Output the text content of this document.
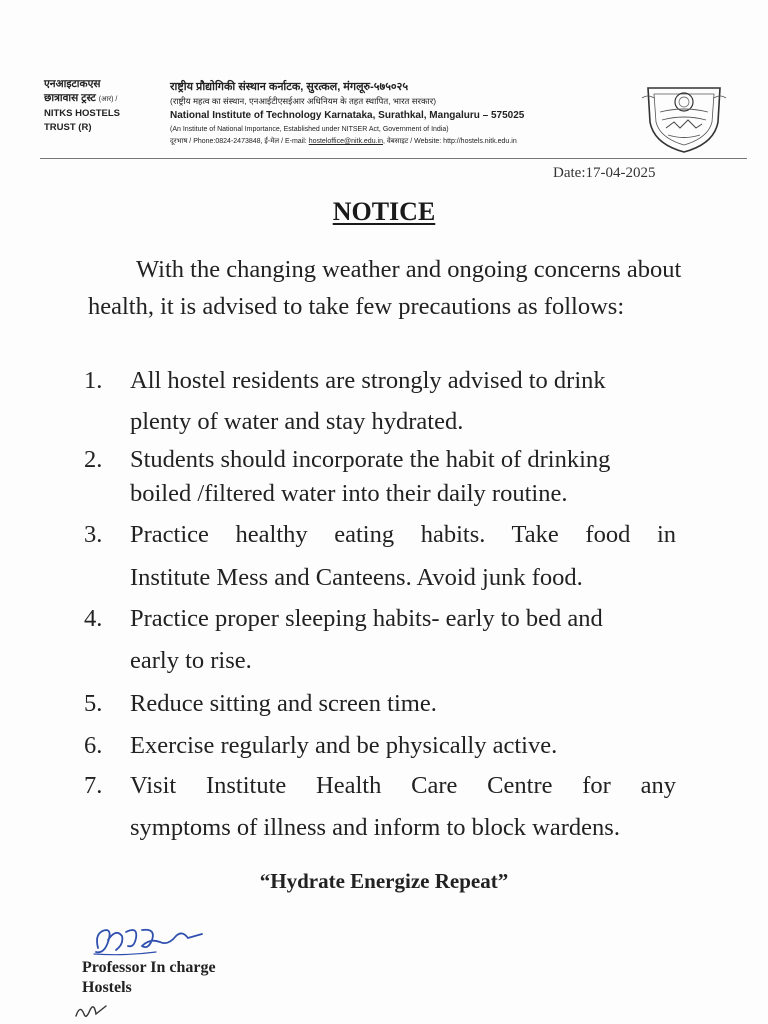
एनआइटाकएस
छात्रावास ट्रस्ट (आर) /
NITKS HOSTELS
TRUST (R)
राष्ट्रीय प्रौद्योगिकी संस्थान कर्नाटक, सुरत्कल, मंगलूरु-५७५०२५
(राष्ट्रीय महत्व का संस्थान, एनआईटीएसईआर अधिनियम के तहत स्थापित, भारत सरकार)
National Institute of Technology Karnataka, Surathkal, Mangaluru – 575025
(An Institute of National Importance, Established under NITSER Act, Government of India)
दूरभाष / Phone:0824-2473848, ई-मेल / E-mail: hosteloffice@nitk.edu.in, वेबसाइट / Website: http://hostels.nitk.edu.in
Date:17-04-2025
NOTICE
With the changing weather and ongoing concerns about health, it is advised to take few precautions as follows:
1.	All hostel residents are strongly advised to drink
plenty of water and stay hydrated.
2.	Students should incorporate the habit of drinking
boiled /filtered water into their daily routine.
3.	Practice healthy eating habits. Take food in
Institute Mess and Canteens. Avoid junk food.
4.	Practice proper sleeping habits- early to bed and
early to rise.
5.	Reduce sitting and screen time.
6.	Exercise regularly and be physically active.
7.	Visit Institute Health Care Centre for any
symptoms of illness and inform to block wardens.
“Hydrate Energize Repeat”
Professor In charge
Hostels
